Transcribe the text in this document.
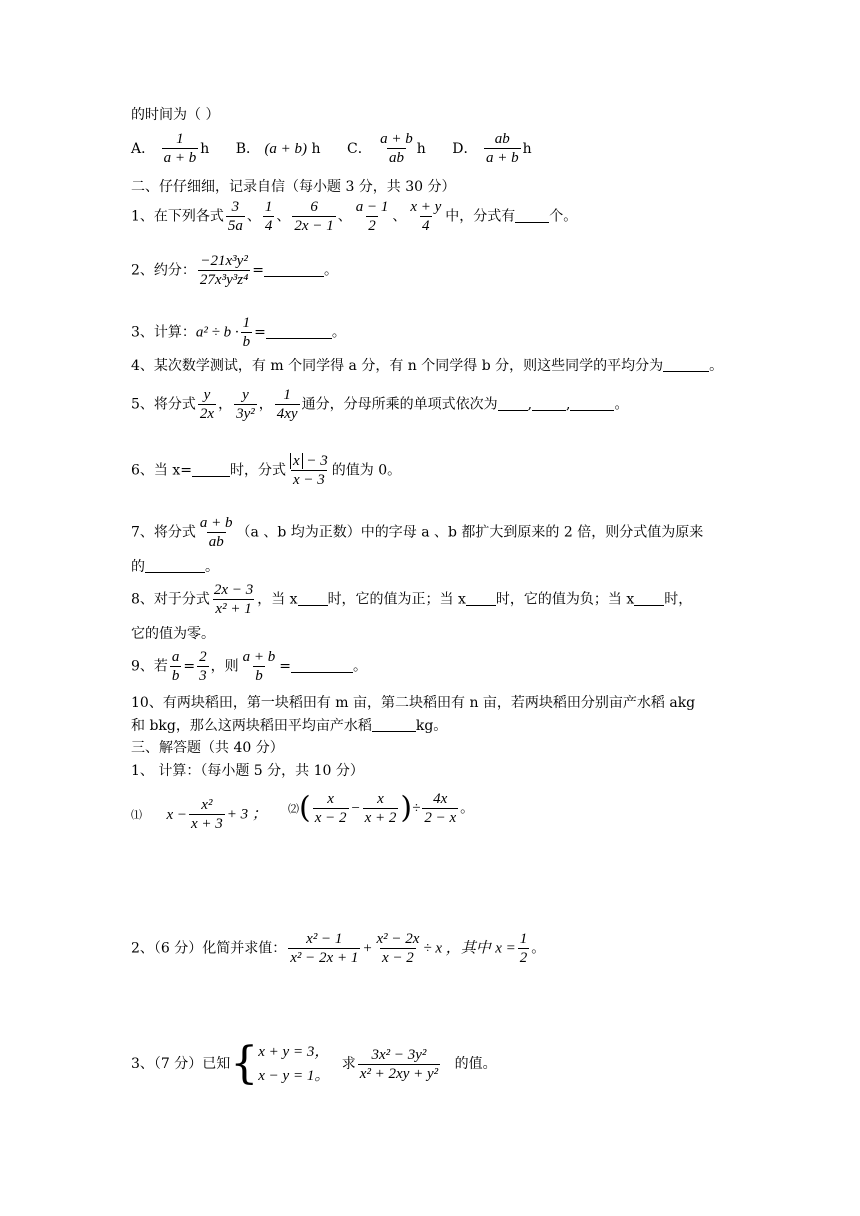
的时间为（ ）
A． $\frac{1}{a + b}$ h B． (a + b) h C． $\frac{a + b}{ab}$ h D． $\frac{ab}{a + b}$ h
二、仔仔细细，记录自信（每小题 3 分，共 30 分）
1、在下列各式 $\frac{3}{5a}$ 、 $\frac{1}{4}$ 、 $\frac{6}{2x - 1}$ 、 $\frac{a - 1}{2}$ 、 $\frac{x + y}{4}$ 中，分式有 个。
2、约分： $\frac{\text{−21x³y²}}{\text{27x³y³z⁴}}$ =	。
3、计算：$a^2 \div b \cdot \frac{1}{b}$ =	。
4、某次数学测试，有 m 个同学得 a 分，有 n 个同学得 b 分，则这些同学的平均分为	。
5、将分式 $\frac{y}{2x}$ ， $\frac{y}{\text{3y²}}$ ， $\frac{1}{4xy}$ 通分，分母所乘的单项式依次为 , ,	。
6、当 x=	时，分式 $\frac{x - 3}{x - 3}$ 的值为 0。
7、将分式 $\frac{a + b}{ab} (a$ 、b 均为正数）中的字母 a 、b 都扩大到原来的 2 倍，则分式值为原来
的	。
8、对于分式 $\frac{2x - 3}{\text{x² + 1}}$ ，当 x 时，它的值为正；当 x 时，它的值为负；当 x 时，
它的值为零。
9、若 $\frac{a}{b} = \frac{2}{3}$ ，则 $\frac{a + b}{b}$ =	。
10、有两块稻田，第一块稻田有 m 亩，第二块稻田有 n 亩，若两块稻田分别亩产水稻 akg
和 bkg，那么这两块稻田平均亩产水稻	kg。
三、解答题（共 40 分）
1、 计算：（每小题 5 分，共 10 分）
⑴ $x - \frac{\text{x²}}{x + 3} + 3$ ； ⑵( $\frac{x}{x - 2} - \frac{x}{x + 2}$ )÷ $\frac{4x}{2 - x}$ 。
2、（6 分）化简并求值： $\frac{\text{x² − 1}}{\text{x² − 2x + 1}} + \frac{\text{x² − 2x}}{x - 2} \div x$ ，其中 $x = \frac{1}{2}$ 。
3、（7 分）已知{ x + y = 3，
x − y = 1。
求 $\frac{\text{3x² − 3y²}}{\text{x² + 2xy + y²}}$ 的值。
